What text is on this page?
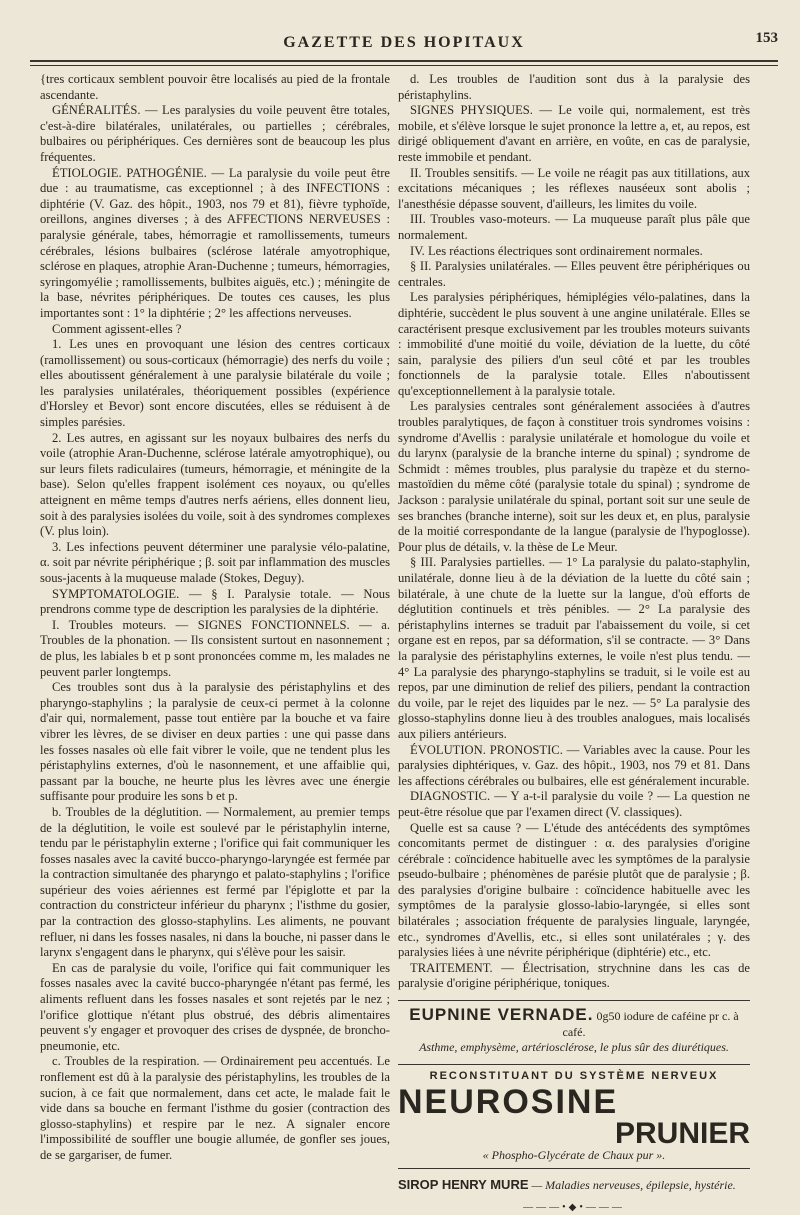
GAZETTE DES HOPITAUX	153

{tres corticaux semblent pouvoir être localisés au pied de la frontale ascendante.

GÉNÉRALITÉS. — Les paralysies du voile peuvent être totales, c'est-à-dire bilatérales, unilatérales, ou partielles ; cérébrales, bulbaires ou périphériques. Ces dernières sont de beaucoup les plus fréquentes.

ÉTIOLOGIE. PATHOGÉNIE. — La paralysie du voile peut être due : au traumatisme, cas exceptionnel ; à des INFECTIONS : diphtérie (V. Gaz. des hôpit., 1903, nos 79 et 81), fièvre typhoïde, oreillons, angines diverses ; à des AFFECTIONS NERVEUSES : paralysie générale, tabes, hémorragie et ramollissements, tumeurs cérébrales, lésions bulbaires (sclérose latérale amyotrophique, sclérose en plaques, atrophie Aran-Duchenne ; tumeurs, hémorragies, syringomyélie ; ramollissements, bulbites aiguës, etc.) ; méningite de la base, névrites périphériques. De toutes ces causes, les plus importantes sont : 1° la diphtérie ; 2° les affections nerveuses.

Comment agissent-elles ?

1. Les unes en provoquant une lésion des centres corticaux (ramollissement) ou sous-corticaux (hémorragie) des nerfs du voile ; elles aboutissent généralement à une paralysie bilatérale du voile ; les paralysies unilatérales, théoriquement possibles (expérience d'Horsley et Bevor) sont encore discutées, elles se réduisent à de simples parésies.

2. Les autres, en agissant sur les noyaux bulbaires des nerfs du voile (atrophie Aran-Duchenne, sclérose latérale amyotrophique), ou sur leurs filets radiculaires (tumeurs, hémorragie, et méningite de la base). Selon qu'elles frappent isolément ces noyaux, ou qu'elles atteignent en même temps d'autres nerfs aériens, elles donnent lieu, soit à des paralysies isolées du voile, soit à des syndromes complexes (V. plus loin).

3. Les infections peuvent déterminer une paralysie vélo-palatine, α. soit par névrite périphérique ; β. soit par inflammation des muscles sous-jacents à la muqueuse malade (Stokes, Deguy).

SYMPTOMATOLOGIE. — § I. Paralysie totale. — Nous prendrons comme type de description les paralysies de la diphtérie.

I. Troubles moteurs. — SIGNES FONCTIONNELS. — a. Troubles de la phonation. — Ils consistent surtout en nasonnement ; de plus, les labiales b et p sont prononcées comme m, les malades ne peuvent parler longtemps.

Ces troubles sont dus à la paralysie des péristaphylins et des pharyngo-staphylins ; la paralysie de ceux-ci permet à la colonne d'air qui, normalement, passe tout entière par la bouche et va faire vibrer les lèvres, de se diviser en deux parties : une qui passe dans les fosses nasales où elle fait vibrer le voile, que ne tendent plus les péristaphylins externes, d'où le nasonnement, et une affaiblie qui, passant par la bouche, ne heurte plus les lèvres avec une énergie suffisante pour produire les sons b et p.

b. Troubles de la déglutition. — Normalement, au premier temps de la déglutition, le voile est soulevé par le péristaphylin interne, tendu par le péristaphylin externe ; l'orifice qui fait communiquer les fosses nasales avec la cavité bucco-pharyngo-laryngée est fermée par la contraction simultanée des pharyngo et palato-staphylins ; l'orifice supérieur des voies aériennes est fermé par l'épiglotte et par la contraction du constricteur inférieur du pharynx ; l'isthme du gosier, par la contraction des glosso-staphylins. Les aliments, ne pouvant refluer, ni dans les fosses nasales, ni dans la bouche, ni passer dans le larynx s'engagent dans le pharynx, qui s'élève pour les saisir.

En cas de paralysie du voile, l'orifice qui fait communiquer les fosses nasales avec la cavité bucco-pharyngée n'étant pas fermé, les aliments refluent dans les fosses nasales et sont rejetés par le nez ; l'orifice glottique n'étant plus obstrué, des débris alimentaires peuvent s'y engager et provoquer des crises de dyspnée, de broncho-pneumonie, etc.

c. Troubles de la respiration. — Ordinairement peu accentués. Le ronflement est dû à la paralysie des péristaphylins, les troubles de la sucion, à ce fait que normalement, dans cet acte, le malade fait le vide dans sa bouche en fermant l'isthme du gosier (contraction des glosso-staphylins) et respire par le nez. A signaler encore l'impossibilité de souffler une bougie allumée, de gonfler ses joues, de se gargariser, de fumer.

d. Les troubles de l'audition sont dus à la paralysie des péristaphylins.

SIGNES PHYSIQUES. — Le voile qui, normalement, est très mobile, et s'élève lorsque le sujet prononce la lettre a, et, au repos, est dirigé obliquement d'avant en arrière, en voûte, en cas de paralysie, reste immobile et pendant.

II. Troubles sensitifs. — Le voile ne réagit pas aux titillations, aux excitations mécaniques ; les réflexes nauséeux sont abolis ; l'anesthésie dépasse souvent, d'ailleurs, les limites du voile.

III. Troubles vaso-moteurs. — La muqueuse paraît plus pâle que normalement.

IV. Les réactions électriques sont ordinairement normales.

§ II. Paralysies unilatérales. — Elles peuvent être périphériques ou centrales.

Les paralysies périphériques, hémiplégies vélo-palatines, dans la diphtérie, succèdent le plus souvent à une angine unilatérale. Elles se caractérisent presque exclusivement par les troubles moteurs suivants : immobilité d'une moitié du voile, déviation de la luette, du côté sain, paralysie des piliers d'un seul côté et par les troubles fonctionnels de la paralysie totale. Elles n'aboutissent qu'exceptionnellement à la paralysie totale.

Les paralysies centrales sont généralement associées à d'autres troubles paralytiques, de façon à constituer trois syndromes voisins : syndrome d'Avellis : paralysie unilatérale et homologue du voile et du larynx (paralysie de la branche interne du spinal) ; syndrome de Schmidt : mêmes troubles, plus paralysie du trapèze et du sterno-mastoïdien du même côté (paralysie totale du spinal) ; syndrome de Jackson : paralysie unilatérale du spinal, portant soit sur une seule de ses branches (branche interne), soit sur les deux et, en plus, paralysie de la moitié correspondante de la langue (paralysie de l'hypoglosse). Pour plus de détails, v. la thèse de Le Meur.

§ III. Paralysies partielles. — 1° La paralysie du palato-staphylin, unilatérale, donne lieu à de la déviation de la luette du côté sain ; bilatérale, à une chute de la luette sur la langue, d'où efforts de déglutition continuels et très pénibles. — 2° La paralysie des péristaphylins internes se traduit par l'abaissement du voile, si cet organe est en repos, par sa déformation, s'il se contracte. — 3° Dans la paralysie des péristaphylins externes, le voile n'est plus tendu. — 4° La paralysie des pharyngo-staphylins se traduit, si le voile est au repos, par une diminution de relief des piliers, pendant la contraction du voile, par le rejet des liquides par le nez. — 5° La paralysie des glosso-staphylins donne lieu à des troubles analogues, mais localisés aux piliers antérieurs.

ÉVOLUTION. PRONOSTIC. — Variables avec la cause. Pour les paralysies diphtériques, v. Gaz. des hôpit., 1903, nos 79 et 81. Dans les affections cérébrales ou bulbaires, elle est généralement incurable.

DIAGNOSTIC. — Y a-t-il paralysie du voile ? — La question ne peut-être résolue que par l'examen direct (V. classiques).

Quelle est sa cause ? — L'étude des antécédents des symptômes concomitants permet de distinguer : α. des paralysies d'origine cérébrale : coïncidence habituelle avec les symptômes de la paralysie pseudo-bulbaire ; phénomènes de parésie plutôt que de paralysie ; β. des paralysies d'origine bulbaire : coïncidence habituelle avec les symptômes de la paralysie glosso-labio-laryngée, si elles sont bilatérales ; association fréquente de paralysies linguale, laryngée, etc., syndromes d'Avellis, etc., si elles sont unilatérales ; γ. des paralysies liées à une névrite périphérique (diphtérie) etc., etc.

TRAITEMENT. — Électrisation, strychnine dans les cas de paralysie d'origine périphérique, toniques.

EUPNINE VERNADE. 0g50 iodure de caféine pr c. à café.
Asthme, emphysème, artériosclérose, le plus sûr des diurétiques.
RECONSTITUANT DU SYSTÈME NERVEUX
NEUROSINE
PRUNIER
« Phospho-Glycérate de Chaux pur ».
SIROP HENRY MURE — Maladies nerveuses, épilepsie, hystérie.
———•◆•———
